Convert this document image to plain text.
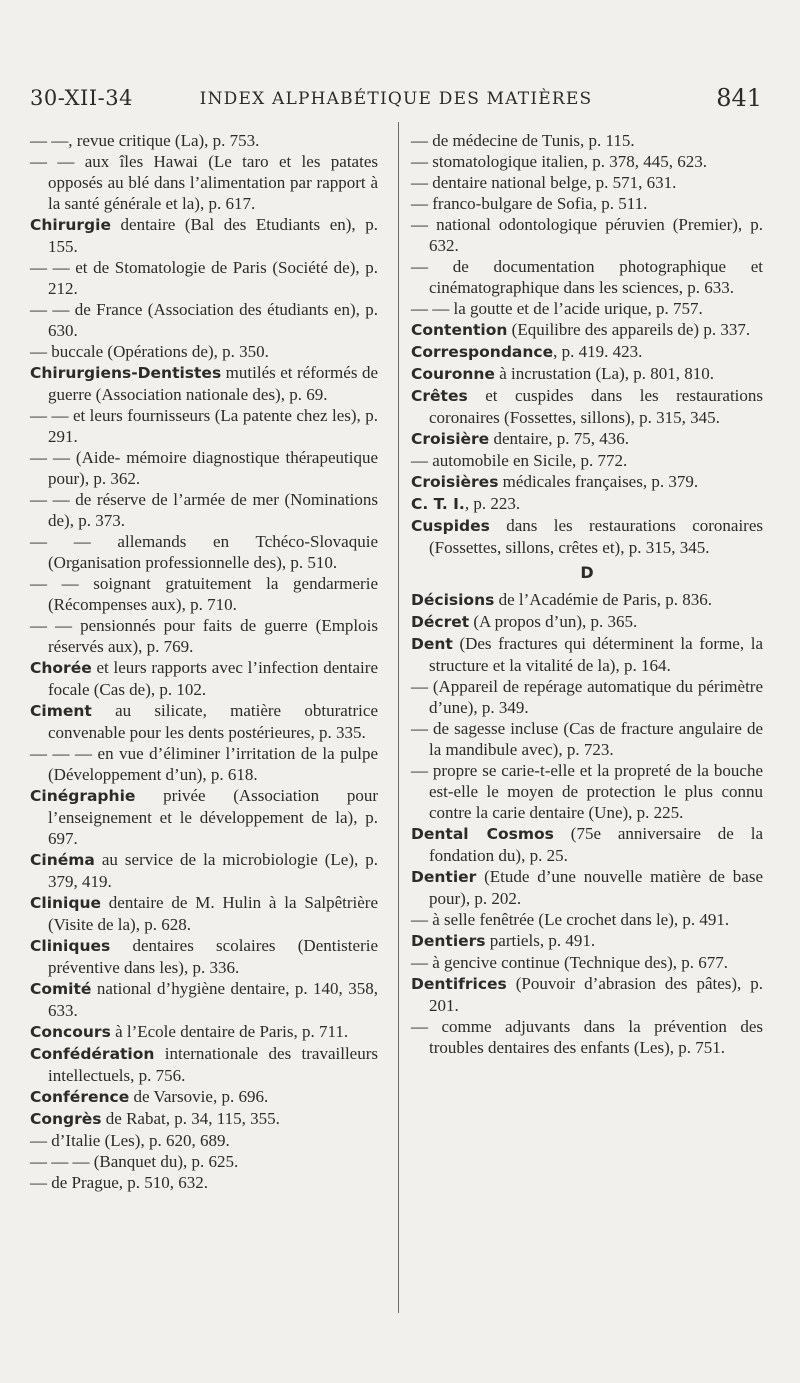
30-XII-34	INDEX ALPHABÉTIQUE DES MATIÈRES	841
— —, revue critique (La), p. 753.
— — aux îles Hawai (Le taro et les patates opposés au blé dans l’alimentation par rapport à la santé générale et la), p. 617.
Chirurgie dentaire (Bal des Etudiants en), p. 155.
— — et de Stomatologie de Paris (Société de), p. 212.
— — de France (Association des étudiants en), p. 630.
— buccale (Opérations de), p. 350.
Chirurgiens-Dentistes mutilés et réformés de guerre (Association nationale des), p. 69.
— — et leurs fournisseurs (La patente chez les), p. 291.
— — (Aide- mémoire diagnostique thérapeutique pour), p. 362.
— — de réserve de l’armée de mer (Nominations de), p. 373.
— — allemands en Tchéco-Slovaquie (Organisation professionnelle des), p. 510.
— — soignant gratuitement la gendarmerie (Récompenses aux), p. 710.
— — pensionnés pour faits de guerre (Emplois réservés aux), p. 769.
Chorée et leurs rapports avec l’infection dentaire focale (Cas de), p. 102.
Ciment au silicate, matière obturatrice convenable pour les dents postérieures, p. 335.
— — — en vue d’éliminer l’irritation de la pulpe (Développement d’un), p. 618.
Cinégraphie privée (Association pour l’enseignement et le développement de la), p. 697.
Cinéma au service de la microbiologie (Le), p. 379, 419.
Clinique dentaire de M. Hulin à la Salpêtrière (Visite de la), p. 628.
Cliniques dentaires scolaires (Dentisterie préventive dans les), p. 336.
Comité national d’hygiène dentaire, p. 140, 358, 633.
Concours à l’Ecole dentaire de Paris, p. 711.
Confédération internationale des travailleurs intellectuels, p. 756.
Conférence de Varsovie, p. 696.
Congrès de Rabat, p. 34, 115, 355.
— d’Italie (Les), p. 620, 689.
— — — (Banquet du), p. 625.
— de Prague, p. 510, 632.
— de médecine de Tunis, p. 115.
— stomatologique italien, p. 378, 445, 623.
— dentaire national belge, p. 571, 631.
— franco-bulgare de Sofia, p. 511.
— national odontologique péruvien (Premier), p. 632.
— de documentation photographique et cinématographique dans les sciences, p. 633.
— — la goutte et de l’acide urique, p. 757.
Contention (Equilibre des appareils de) p. 337.
Correspondance, p. 419. 423.
Couronne à incrustation (La), p. 801, 810.
Crêtes et cuspides dans les restaurations coronaires (Fossettes, sillons), p. 315, 345.
Croisière dentaire, p. 75, 436.
— automobile en Sicile, p. 772.
Croisières médicales françaises, p. 379.
C. T. I., p. 223.
Cuspides dans les restaurations coronaires (Fossettes, sillons, crêtes et), p. 315, 345.
D
Décisions de l’Académie de Paris, p. 836.
Décret (A propos d’un), p. 365.
Dent (Des fractures qui déterminent la forme, la structure et la vitalité de la), p. 164.
— (Appareil de repérage automatique du périmètre d’une), p. 349.
— de sagesse incluse (Cas de fracture angulaire de la mandibule avec), p. 723.
— propre se carie-t-elle et la propreté de la bouche est-elle le moyen de protection le plus connu contre la carie dentaire (Une), p. 225.
Dental Cosmos (75e anniversaire de la fondation du), p. 25.
Dentier (Etude d’une nouvelle matière de base pour), p. 202.
— à selle fenêtrée (Le crochet dans le), p. 491.
Dentiers partiels, p. 491.
— à gencive continue (Technique des), p. 677.
Dentifrices (Pouvoir d’abrasion des pâtes), p. 201.
— comme adjuvants dans la prévention des troubles dentaires des enfants (Les), p. 751.
